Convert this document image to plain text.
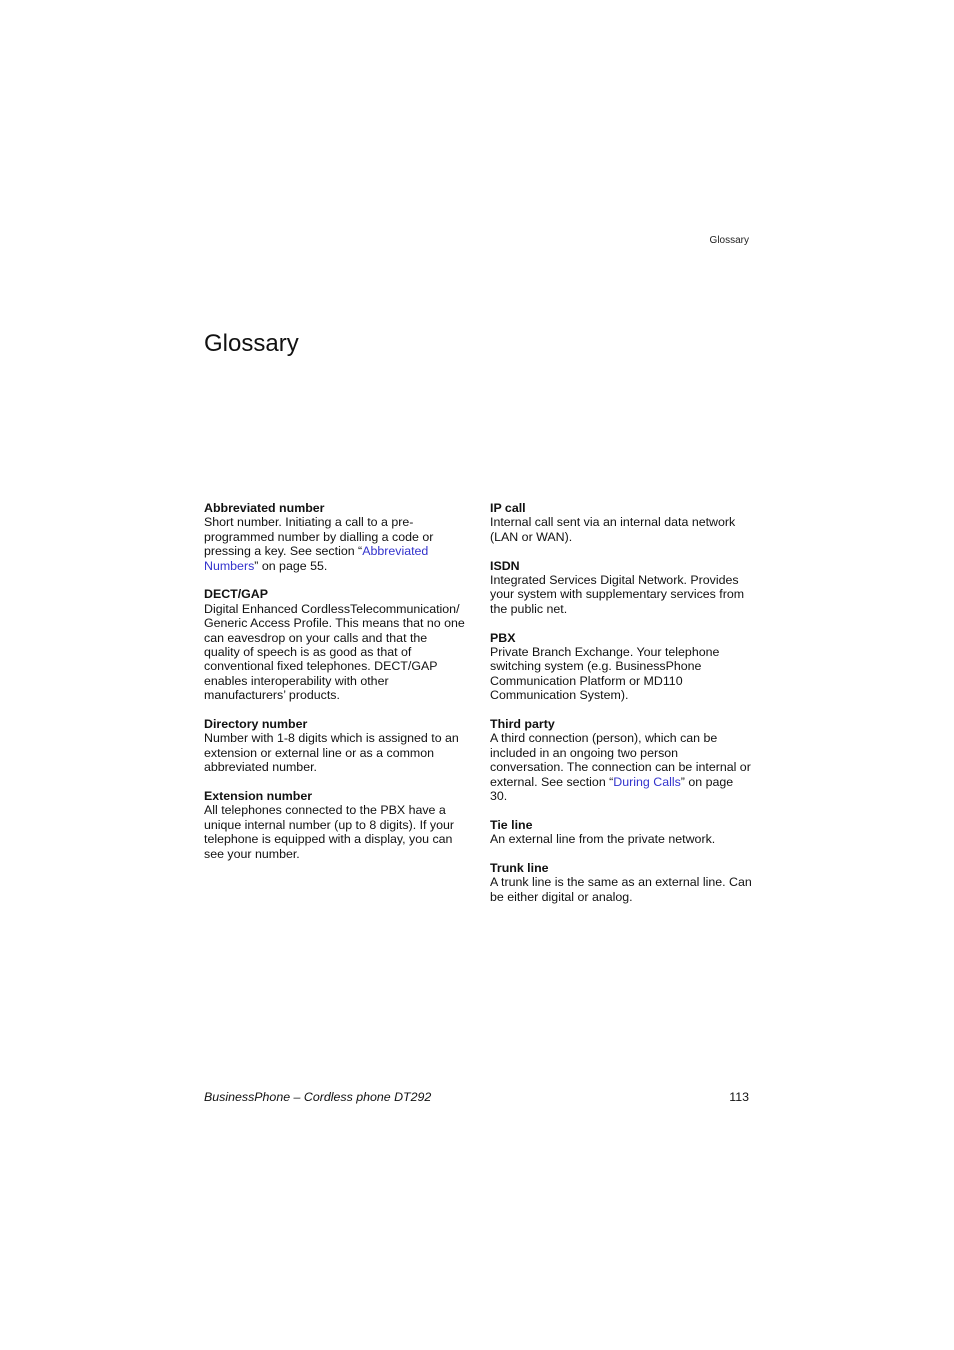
Glossary
Glossary
Abbreviated number
Short number. Initiating a call to a pre-programmed number by dialling a code or pressing a key. See section “Abbreviated Numbers” on page 55.
DECT/GAP
Digital Enhanced CordlessTelecommunication/ Generic Access Profile. This means that no one can eavesdrop on your calls and that the quality of speech is as good as that of conventional fixed telephones. DECT/GAP enables interoperability with other manufacturers’ products.
Directory number
Number with 1-8 digits which is assigned to an extension or external line or as a common abbreviated number.
Extension number
All telephones connected to the PBX have a unique internal number (up to 8 digits). If your telephone is equipped with a display, you can see your number.
IP call
Internal call sent via an internal data network (LAN or WAN).
ISDN
Integrated Services Digital Network. Provides your system with supplementary services from the public net.
PBX
Private Branch Exchange. Your telephone switching system (e.g. BusinessPhone Communication Platform or MD110 Communication System).
Third party
A third connection (person), which can be included in an ongoing two person conversation. The connection can be internal or external. See section “During Calls” on page 30.
Tie line
An external line from the private network.
Trunk line
A trunk line is the same as an external line. Can be either digital or analog.
BusinessPhone – Cordless phone DT292	113
